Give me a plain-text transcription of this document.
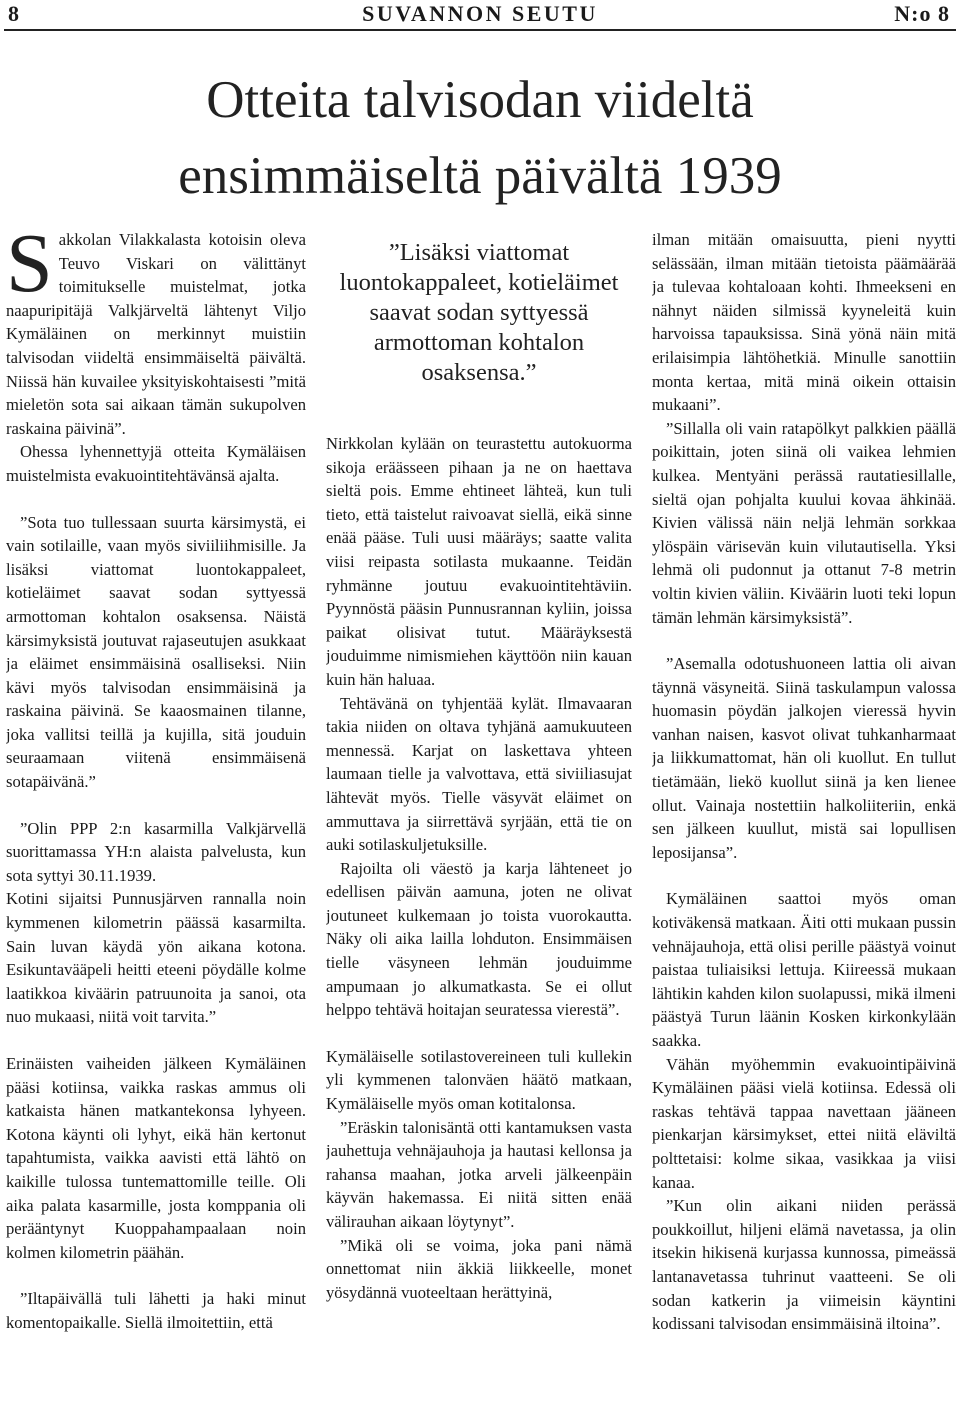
8	SUVANNON SEUTU	N:o 8
Otteita talvisodan viideltä
ensimmäiseltä päivältä 1939

Sakkolan Vilakkalasta kotoisin oleva Teuvo Viskari on välittänyt toimitukselle muistelmat, jotka naapuripitäjä Valkjärveltä lähtenyt Viljo Kymäläinen on merkinnyt muistiin talvisodan viideltä ensimmäiseltä päivältä. Niissä hän kuvailee yksityiskohtaisesti ”mitä mieletön sota sai aikaan tämän sukupolven raskaina päivinä”.

Ohessa lyhennettyjä otteita Kymäläisen muistelmista evakuointitehtävänsä ajalta.

”Sota tuo tullessaan suurta kärsimystä, ei vain sotilaille, vaan myös siviiliihmisille. Ja lisäksi viattomat luontokappaleet, kotieläimet saavat sodan syttyessä armottoman kohtalon osaksensa. Näistä kärsimyksistä joutuvat rajaseutujen asukkaat ja eläimet ensimmäisinä osalliseksi. Niin kävi myös talvisodan ensimmäisinä ja raskaina päivinä. Se kaaosmainen tilanne, joka vallitsi teillä ja kujilla, sitä jouduin seuraamaan viitenä ensimmäisenä sotapäivänä.”

”Olin PPP 2:n kasarmilla Valkjärvellä suorittamassa YH:n alaista palvelusta, kun sota syttyi 30.11.1939.

Kotini sijaitsi Punnusjärven rannalla noin kymmenen kilometrin päässä kasarmilta. Sain luvan käydä yön aikana kotona. Esikuntavääpeli heitti eteeni pöydälle kolme laatikkoa kiväärin patruunoita ja sanoi, ota nuo mukaasi, niitä voit tarvita.”

Erinäisten vaiheiden jälkeen Kymäläinen pääsi kotiinsa, vaikka raskas ammus oli katkaista hänen matkantekonsa lyhyeen. Kotona käynti oli lyhyt, eikä hän kertonut tapahtumista, vaikka aavisti että lähtö on kaikille tulossa tuntemattomille teille. Oli aika palata kasarmille, josta komppania oli perääntynyt Kuoppahampaalaan noin kolmen kilometrin päähän.

”Iltapäivällä tuli lähetti ja haki minut komentopaikalle. Siellä ilmoitettiin, että

”Lisäksi viattomat luontokappaleet, kotieläimet saavat sodan syttyessä armottoman kohtalon osaksensa.”

Nirkkolan kylään on teurastettu autokuorma sikoja eräässeen pihaan ja ne on haettava sieltä pois. Emme ehtineet lähteä, kun tuli tieto, että taistelut raivoavat siellä, eikä sinne enää pääse. Tuli uusi määräys; saatte valita viisi reipasta sotilasta mukaanne. Teidän ryhmänne joutuu evakuointitehtäviin. Pyynnöstä pääsin Punnusrannan kyliin, joissa paikat olisivat tutut. Määräyksestä jouduimme nimismiehen käyttöön niin kauan kuin hän haluaa.

Tehtävänä on tyhjentää kylät. Ilmavaaran takia niiden on oltava tyhjänä aamukuuteen mennessä. Karjat on laskettava yhteen laumaan tielle ja valvottava, että siviiliasujat lähtevät myös. Tielle väsyvät eläimet on ammuttava ja siirrettävä syrjään, että tie on auki sotilaskuljetuksille.

Rajoilta oli väestö ja karja lähteneet jo edellisen päivän aamuna, joten ne olivat joutuneet kulkemaan jo toista vuorokautta. Näky oli aika lailla lohduton. Ensimmäisen tielle väsyneen lehmän jouduimme ampumaan jo alkumatkasta. Se ei ollut helppo tehtävä hoitajan seuratessa vierestä”.

Kymäläiselle sotilastovereineen tuli kullekin yli kymmenen talonväen häätö matkaan, Kymäläiselle myös oman kotitalonsa.

”Eräskin talonisäntä otti kantamuksen vasta jauhettuja vehnäjauhoja ja hautasi kellonsa ja rahansa maahan, jotka arveli jälkeenpäin käyvän hakemassa. Ei niitä sitten enää välirauhan aikaan löytynyt”.

”Mikä oli se voima, joka pani nämä onnettomat niin äkkiä liikkeelle, monet yösydännä vuoteeltaan herättyinä,

ilman mitään omaisuutta, pieni nyytti selässään, ilman mitään tietoista päämäärää ja tulevaa kohtaloaan kohti. Ihmeekseni en nähnyt näiden silmissä kyyneleitä kuin harvoissa tapauksissa. Sinä yönä näin mitä erilaisimpia lähtöhetkiä. Minulle sanottiin monta kertaa, mitä minä oikein ottaisin mukaani”.

”Sillalla oli vain ratapölkyt palkkien päällä poikittain, joten siinä oli vaikea lehmien kulkea. Mentyäni perässä rautatiesillalle, sieltä ojan pohjalta kuului kovaa ähkinää. Kivien välissä näin neljä lehmän sorkkaa ylöspäin värisevän kuin vilutautisella. Yksi lehmä oli pudonnut ja ottanut 7-8 metrin voltin kivien väliin. Kiväärin luoti teki lopun tämän lehmän kärsimyksistä”.

”Asemalla odotushuoneen lattia oli aivan täynnä väsyneitä. Siinä taskulampun valossa huomasin pöydän jalkojen vieressä hyvin vanhan naisen, kasvot olivat tuhkanharmaat ja liikkumattomat, hän oli kuollut. En tullut tietämään, liekö kuollut siinä ja ken lienee ollut. Vainaja nostettiin halkoliiteriin, enkä sen jälkeen kuullut, mistä sai lopullisen leposijansa”.

Kymäläinen saattoi myös oman kotiväkensä matkaan. Äiti otti mukaan pussin vehnäjauhoja, että olisi perille päästyä voinut paistaa tuliaisiksi lettuja. Kiireessä mukaan lähtikin kahden kilon suolapussi, mikä ilmeni päästyä Turun läänin Kosken kirkonkylään saakka.

Vähän myöhemmin evakuointipäivinä Kymäläinen pääsi vielä kotiinsa. Edessä oli raskas tehtävä tappaa navettaan jääneen pienkarjan kärsimykset, ettei niitä eläviltä polttetaisi: kolme sikaa, vasikkaa ja viisi kanaa.

”Kun olin aikani niiden perässä poukkoillut, hiljeni elämä navetassa, ja olin itsekin hikisenä kurjassa kunnossa, pimeässä lantanavetassa tuhrinut vaatteeni. Se oli sodan katkerin ja viimeisin käyntini kodissani talvisodan ensimmäisinä iltoina”.
